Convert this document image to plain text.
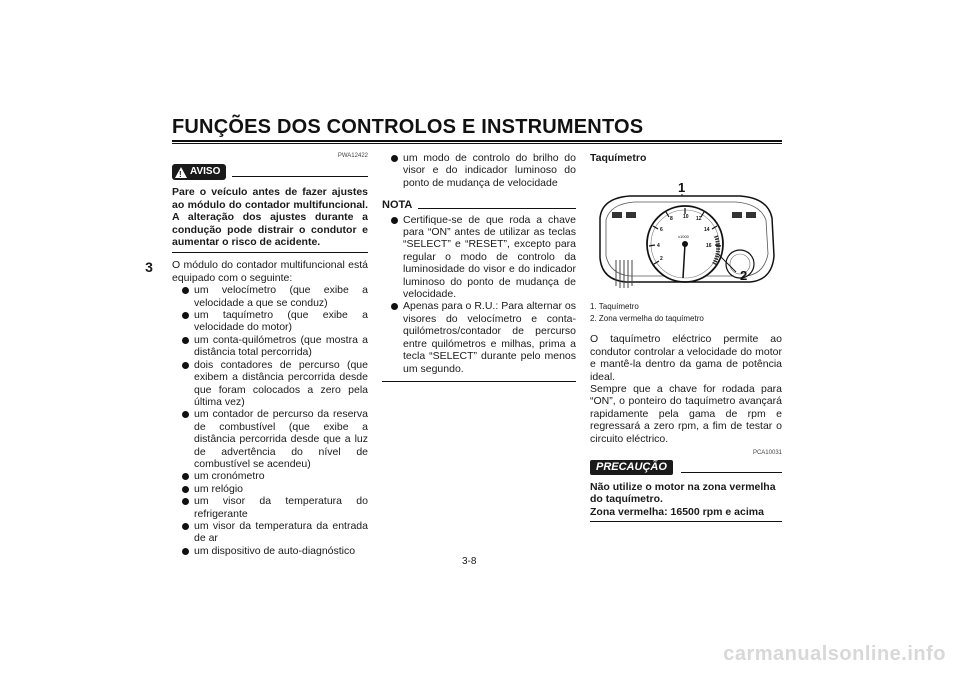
FUNÇÕES DOS CONTROLOS E INSTRUMENTOS
3
PWA12422
! AVISO
Pare o veículo antes de fazer ajustes ao módulo do contador multifuncional. A alteração dos ajustes durante a condução pode distrair o condutor e aumentar o risco de acidente.
O módulo do contador multifuncional está equipado com o seguinte:
um velocímetro (que exibe a velocidade a que se conduz)
um taquímetro (que exibe a velocidade do motor)
um conta-quilómetros (que mostra a distância total percorrida)
dois contadores de percurso (que exibem a distância percorrida desde que foram colocados a zero pela última vez)
um contador de percurso da reserva de combustível (que exibe a distância percorrida desde que a luz de advertência do nível de combustível se acendeu)
um cronómetro
um relógio
um visor da temperatura do refrigerante
um visor da temperatura da entrada de ar
um dispositivo de auto-diagnóstico
um modo de controlo do brilho do visor e do indicador luminoso do ponto de mudança de velocidade
NOTA
Certifique-se de que roda a chave para “ON” antes de utilizar as teclas “SELECT” e “RESET”, excepto para regular o modo de controlo da luminosidade do visor e do indicador luminoso do ponto de mudança de velocidade.
Apenas para o R.U.: Para alternar os visores do velocímetro e conta-quilómetros/contador de percurso entre quilómetros e milhas, prima a tecla “SELECT” durante pelo menos um segundo.
Taquímetro
1
2
4
6
8 10 12
14
16
x1000
2
1. Taquímetro
2. Zona vermelha do taquímetro
O taquímetro eléctrico permite ao condutor controlar a velocidade do motor e mantê-la dentro da gama de potência ideal.
Sempre que a chave for rodada para “ON”, o ponteiro do taquímetro avançará rapidamente pela gama de rpm e regressará a zero rpm, a fim de testar o circuito eléctrico.
PCA10031
PRECAUÇÃO
Não utilize o motor na zona vermelha do taquímetro.
Zona vermelha: 16500 rpm e acima
3-8
carmanualsonline.info
